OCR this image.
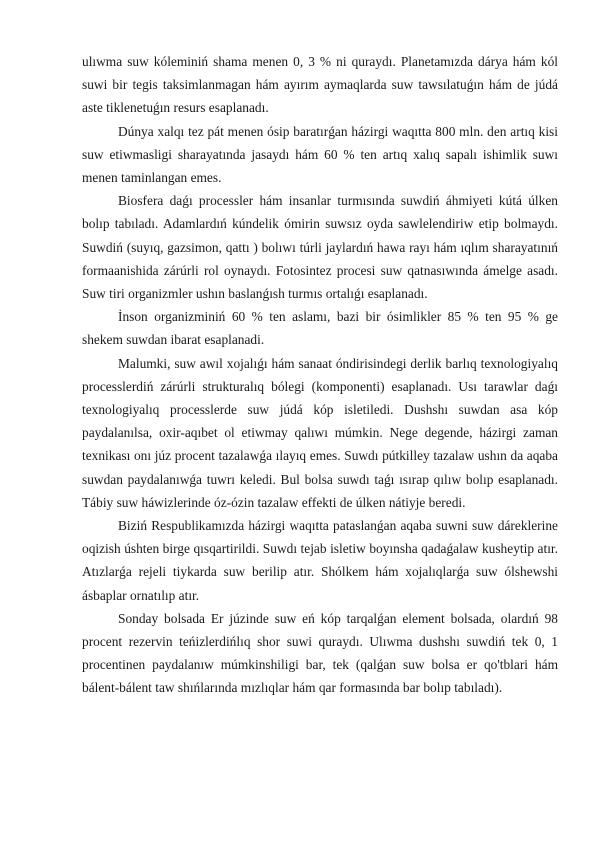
ulıwma suw kóleminiń shama menen 0, 3 % ni quraydı. Planetamızda dárya hám kól suwi bir tegis taksimlanmagan hám ayırım aymaqlarda suw tawsılatuǵın hám de júdá aste tiklenetuǵın resurs esaplanadı.

Dúnya xalqı tez pát menen ósip baratırǵan házirgi waqıtta 800 mln. den artıq kisi suw etiwmasligi sharayatında jasaydı hám 60 % ten artıq xalıq sapalı ishimlik suwı menen taminlangan emes.

Biosfera daǵı processler hám insanlar turmısında suwdiń áhmiyeti kútá úlken bolıp tabıladı. Adamlardıń kúndelik ómirin suwsız oyda sawlelendiriw etip bolmaydı. Suwdiń (suyıq, gazsimon, qattı ) bolıwı túrli jaylardıń hawa rayı hám ıqlım sharayatınıń formaanishida zárúrli rol oynaydı. Fotosintez procesi suw qatnasıwında ámelge asadı. Suw tiri organizmler ushın baslanǵısh turmıs ortalıǵı esaplanadı.

İnson organizminiń 60 % ten aslamı, bazi bir ósimlikler 85 % ten 95 % ge shekem suwdan ibarat esaplanadi.

Malumki, suw awıl xojalıǵı hám sanaat óndirisindegi derlik barlıq texnologiyalıq processlerdiń zárúrli strukturalıq bólegi (komponenti) esaplanadı. Usı tarawlar daǵı texnologiyalıq processlerde suw júdá kóp isletiledi. Dushshı suwdan asa kóp paydalanılsa, oxir-aqıbet ol etiwmay qalıwı múmkin. Nege degende, házirgi zaman texnikası onı júz procent tazalawǵa ılayıq emes. Suwdı pútkilley tazalaw ushın da aqaba suwdan paydalanıwǵa tuwrı keledi. Bul bolsa suwdı taǵı ısırap qılıw bolıp esaplanadı. Tábiy suw háwizlerinde óz-ózin tazalaw effekti de úlken nátiyje beredi.

Biziń Respublikamızda házirgi waqıtta pataslanǵan aqaba suwni suw dáreklerine oqizish úshten birge qısqartirildi. Suwdı tejab isletiw boyınsha qadaǵalaw kusheytip atır. Atızlarǵa rejeli tiykarda suw berilip atır. Shólkem hám xojalıqlarǵa suw ólshewshi ásbaplar ornatılıp atır.

Sonday bolsada Er júzinde suw eń kóp tarqalǵan element bolsada, olardıń 98 procent rezervin teńizlerdińlıq shor suwi quraydı. Ulıwma dushshı suwdiń tek 0, 1 procentinen paydalanıw múmkinshiligi bar, tek (qalǵan suw bolsa er qo'tblari hám bálent-bálent taw shıńlarında mızlıqlar hám qar formasında bar bolıp tabıladı).
